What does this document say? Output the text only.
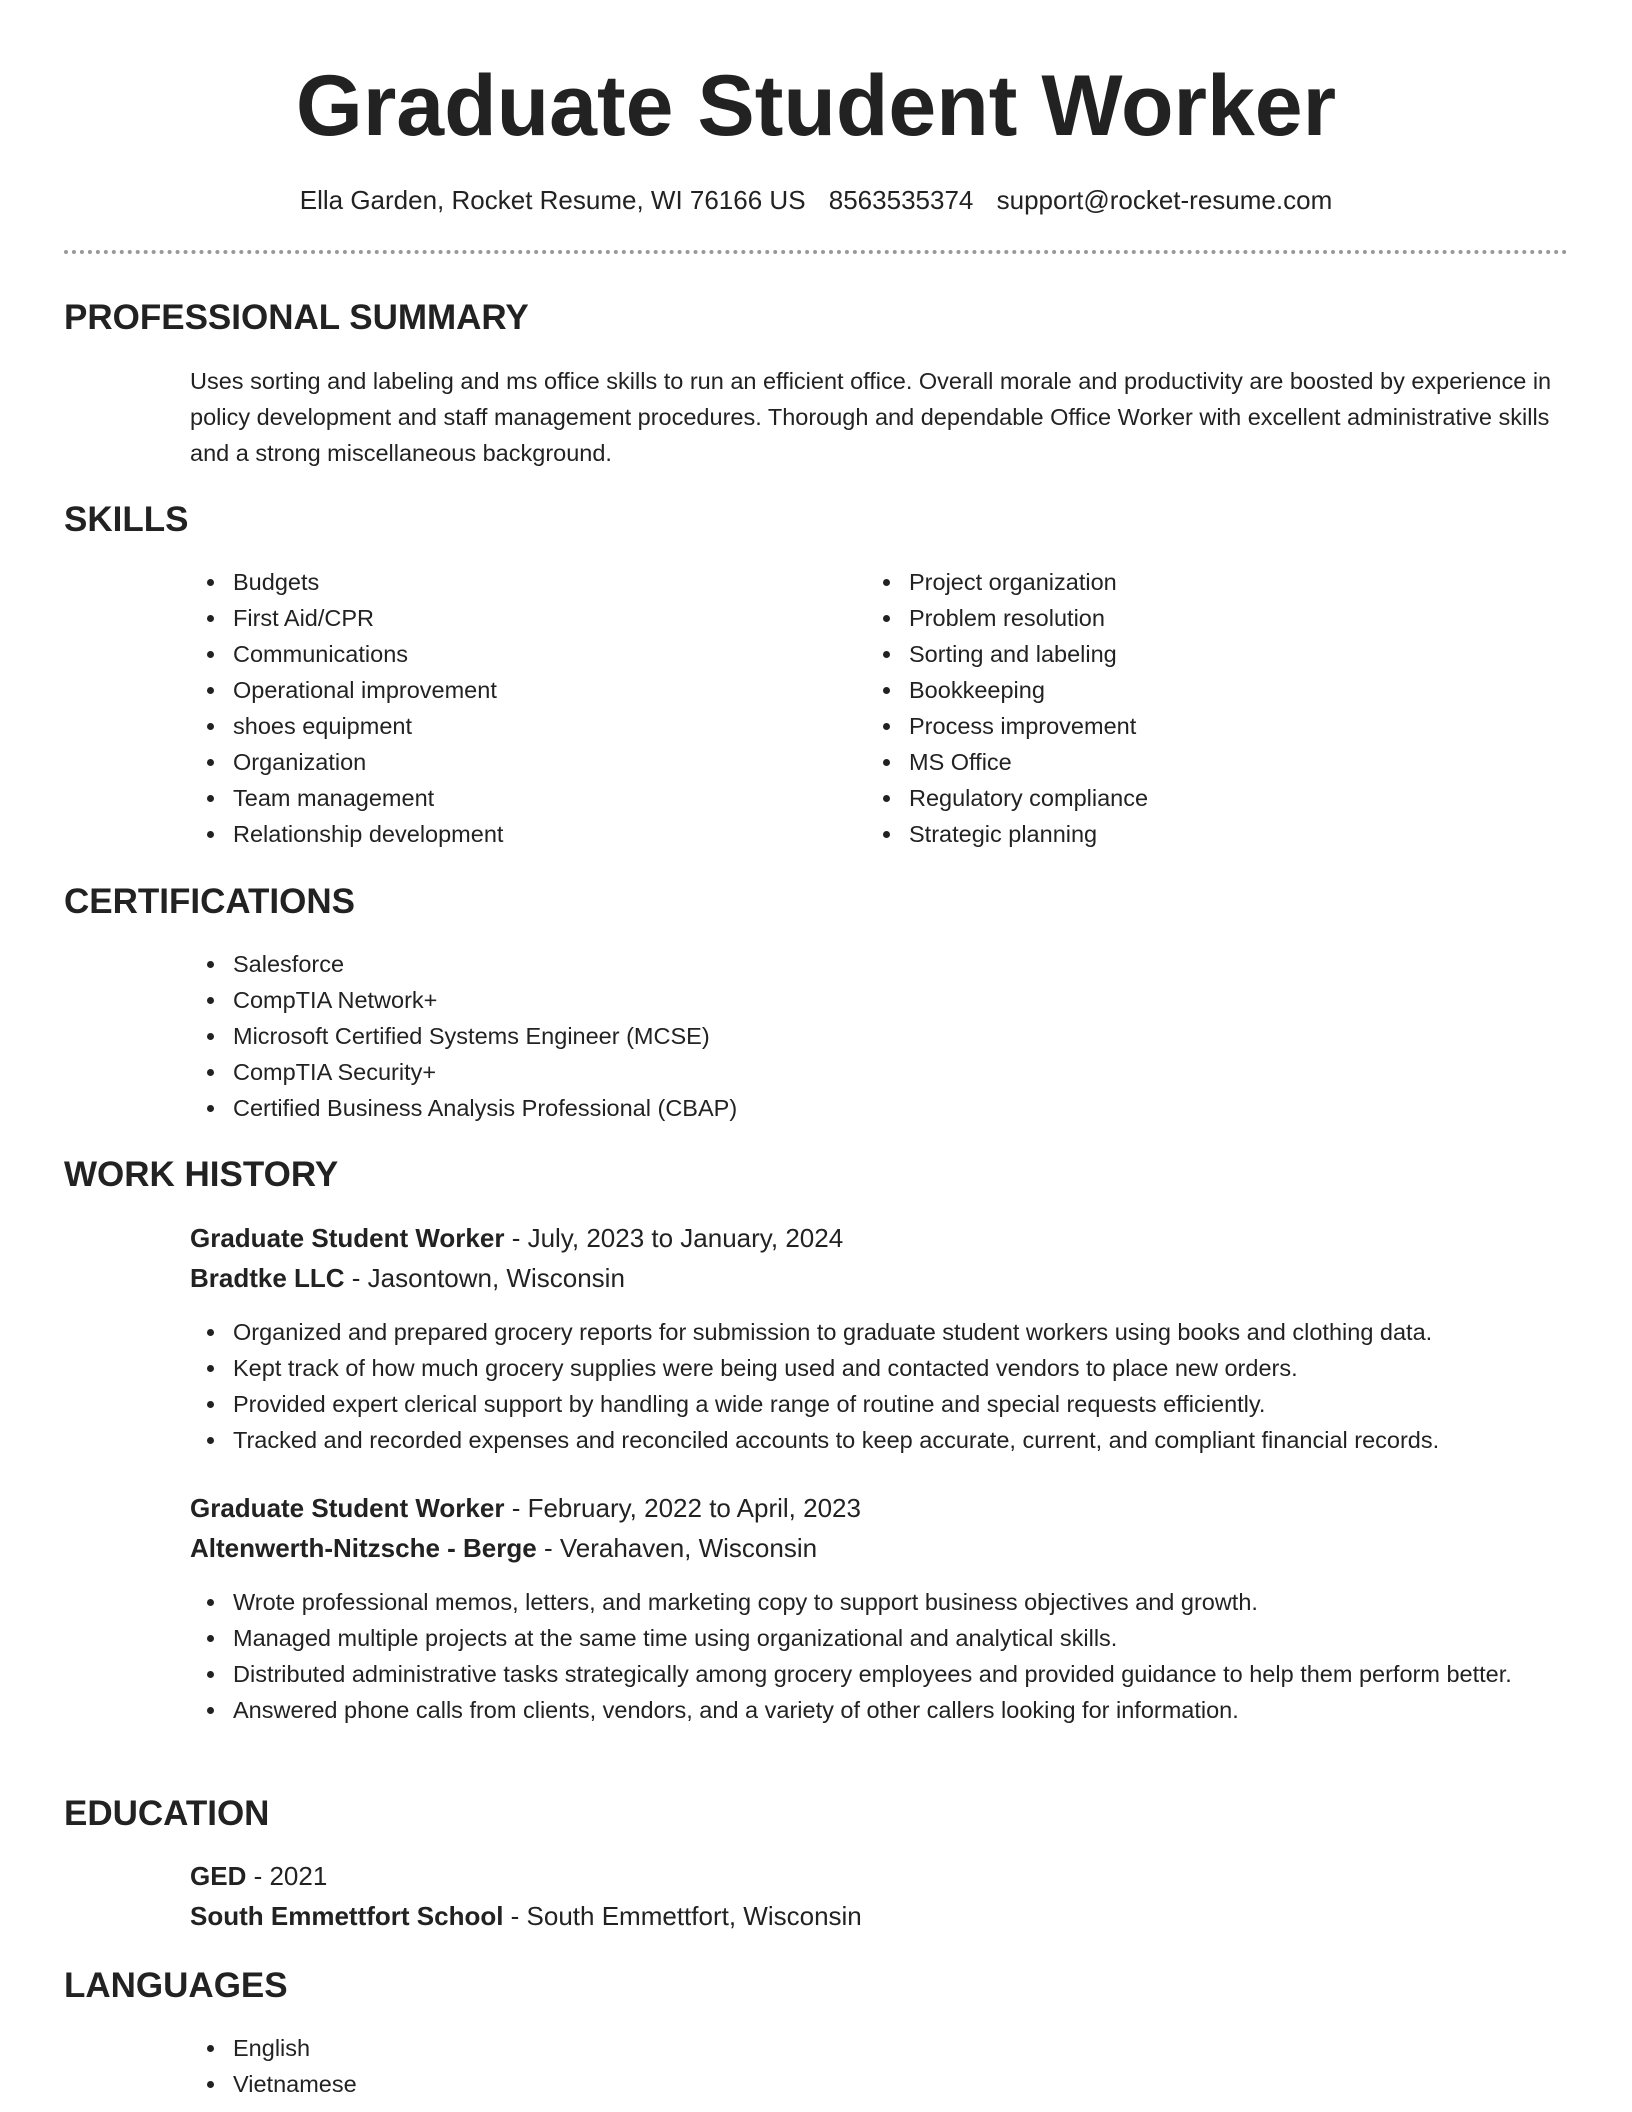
Graduate Student Worker
Ella Garden, Rocket Resume, WI 76166 US 8563535374 support@rocket-resume.com
PROFESSIONAL SUMMARY

Uses sorting and labeling and ms office skills to run an efficient office. Overall morale and productivity are boosted by experience in policy development and staff management procedures. Thorough and dependable Office Worker with excellent administrative skills and a strong miscellaneous background.

SKILLS
Budgets
First Aid/CPR
Communications
Operational improvement
shoes equipment
Organization
Team management
Relationship development
Project organization
Problem resolution
Sorting and labeling
Bookkeeping
Process improvement
MS Office
Regulatory compliance
Strategic planning
CERTIFICATIONS
Salesforce
CompTIA Network+
Microsoft Certified Systems Engineer (MCSE)
CompTIA Security+
Certified Business Analysis Professional (CBAP)
WORK HISTORY

Graduate Student Worker - July, 2023 to January, 2024

Bradtke LLC - Jasontown, Wisconsin

Organized and prepared grocery reports for submission to graduate student workers using books and clothing data.
Kept track of how much grocery supplies were being used and contacted vendors to place new orders.
Provided expert clerical support by handling a wide range of routine and special requests efficiently.
Tracked and recorded expenses and reconciled accounts to keep accurate, current, and compliant financial records.

Graduate Student Worker - February, 2022 to April, 2023

Altenwerth-Nitzsche - Berge - Verahaven, Wisconsin

Wrote professional memos, letters, and marketing copy to support business objectives and growth.
Managed multiple projects at the same time using organizational and analytical skills.
Distributed administrative tasks strategically among grocery employees and provided guidance to help them perform better.
Answered phone calls from clients, vendors, and a variety of other callers looking for information.
EDUCATION

GED - 2021

South Emmettfort School - South Emmettfort, Wisconsin

LANGUAGES
English
Vietnamese
